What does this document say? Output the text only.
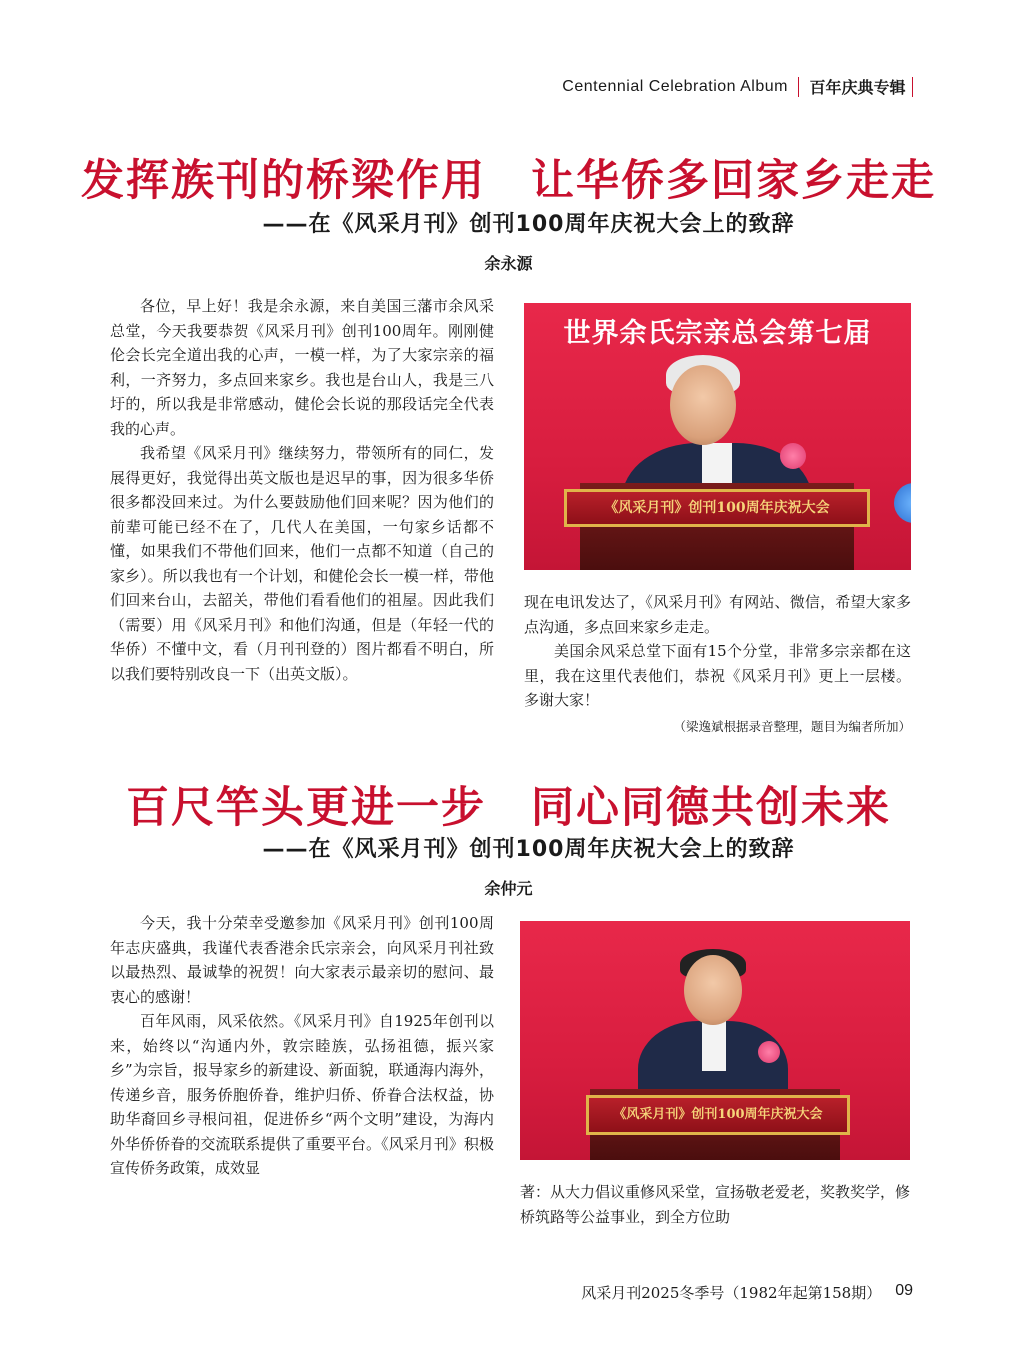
Centennial Celebration Album 百年庆典专辑
发挥族刊的桥梁作用　让华侨多回家乡走走
——在《风采月刊》创刊100周年庆祝大会上的致辞
余永源

各位，早上好！我是余永源，来自美国三藩市余风采总堂，今天我要恭贺《风采月刊》创刊100周年。刚刚健伦会长完全道出我的心声，一模一样，为了大家宗亲的福利，一齐努力，多点回来家乡。我也是台山人，我是三八圩的，所以我是非常感动，健伦会长说的那段话完全代表我的心声。

我希望《风采月刊》继续努力，带领所有的同仁，发展得更好，我觉得出英文版也是迟早的事，因为很多华侨很多都没回来过。为什么要鼓励他们回来呢？因为他们的前辈可能已经不在了，几代人在美国，一句家乡话都不懂，如果我们不带他们回来，他们一点都不知道（自己的家乡）。所以我也有一个计划，和健伦会长一模一样，带他们回来台山，去韶关，带他们看看他们的祖屋。因此我们（需要）用《风采月刊》和他们沟通，但是（年轻一代的华侨）不懂中文，看（月刊刊登的）图片都看不明白，所以我们要特别改良一下（出英文版）。

世界余氏宗亲总会第七届
《风采月刊》创刊100周年庆祝大会

现在电讯发达了，《风采月刊》有网站、微信，希望大家多点沟通，多点回来家乡走走。

美国余风采总堂下面有15个分堂，非常多宗亲都在这里，我在这里代表他们，恭祝《风采月刊》更上一层楼。多谢大家！

（梁逸斌根据录音整理，题目为编者所加）

百尺竿头更进一步　同心同德共创未来
——在《风采月刊》创刊100周年庆祝大会上的致辞
余仲元

今天，我十分荣幸受邀参加《风采月刊》创刊100周年志庆盛典，我谨代表香港余氏宗亲会，向风采月刊社致以最热烈、最诚挚的祝贺！向大家表示最亲切的慰问、最衷心的感谢！

百年风雨，风采依然。《风采月刊》自1925年创刊以来，始终以“沟通内外，敦宗睦族，弘扬祖德，振兴家乡”为宗旨，报导家乡的新建设、新面貌，联通海内海外，传递乡音，服务侨胞侨眷，维护归侨、侨眷合法权益，协助华裔回乡寻根问祖，促进侨乡“两个文明”建设，为海内外华侨侨眷的交流联系提供了重要平台。《风采月刊》积极宣传侨务政策，成效显

《风采月刊》创刊100周年庆祝大会

著：从大力倡议重修风采堂，宣扬敬老爱老，奖教奖学，修桥筑路等公益事业，到全方位助

风采月刊2025冬季号（1982年起第158期） 09
